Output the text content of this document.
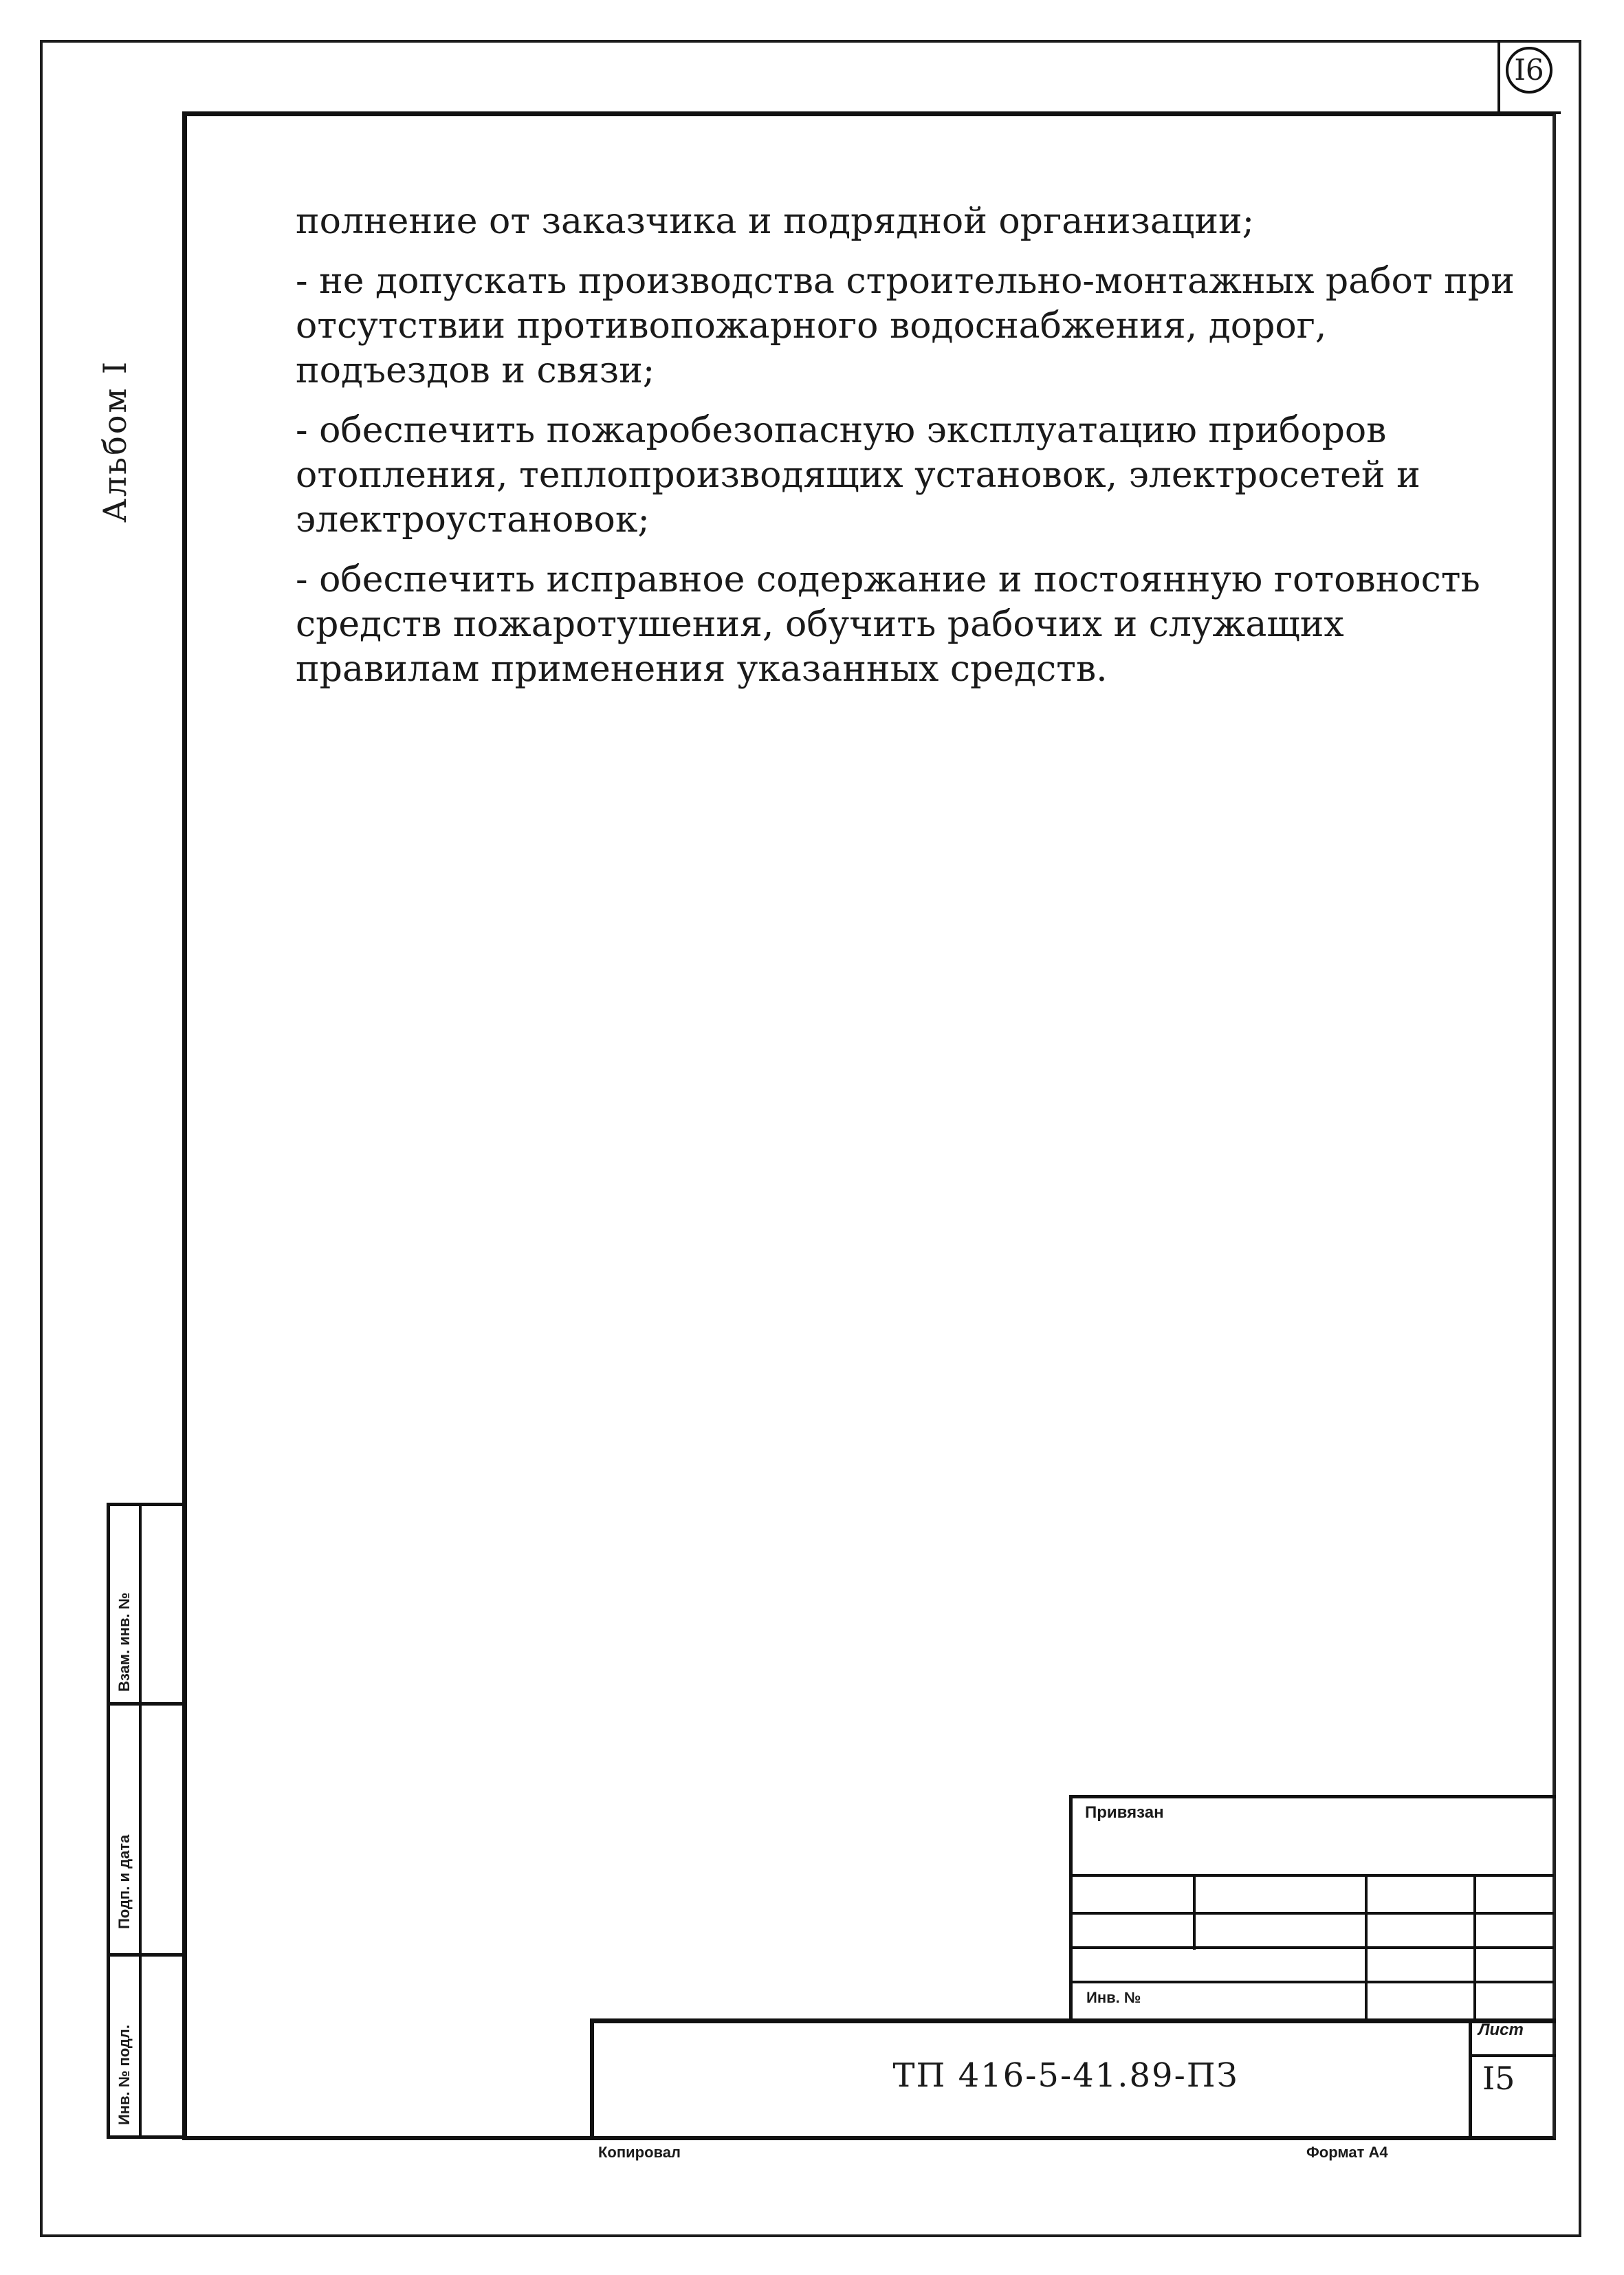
I6
Альбом I

полнение от заказчика и подрядной организации;

- не допускать производства строительно-монтажных работ при отсутствии противопожарного водоснабжения, дорог, подъездов и связи;

- обеспечить пожаробезопасную эксплуатацию приборов отопления, теплопроизводящих установок, электросетей и электроустановок;

- обеспечить исправное содержание и постоянную готовность средств пожаротушения, обучить рабочих и служащих правилам применения указанных средств.

Взам. инв. №
Подп. и дата
Инв. № подл.
Привязан
Инв. №
ТП 416-5-41.89-ПЗ
Лист
I5
Копировал	Формат А4
